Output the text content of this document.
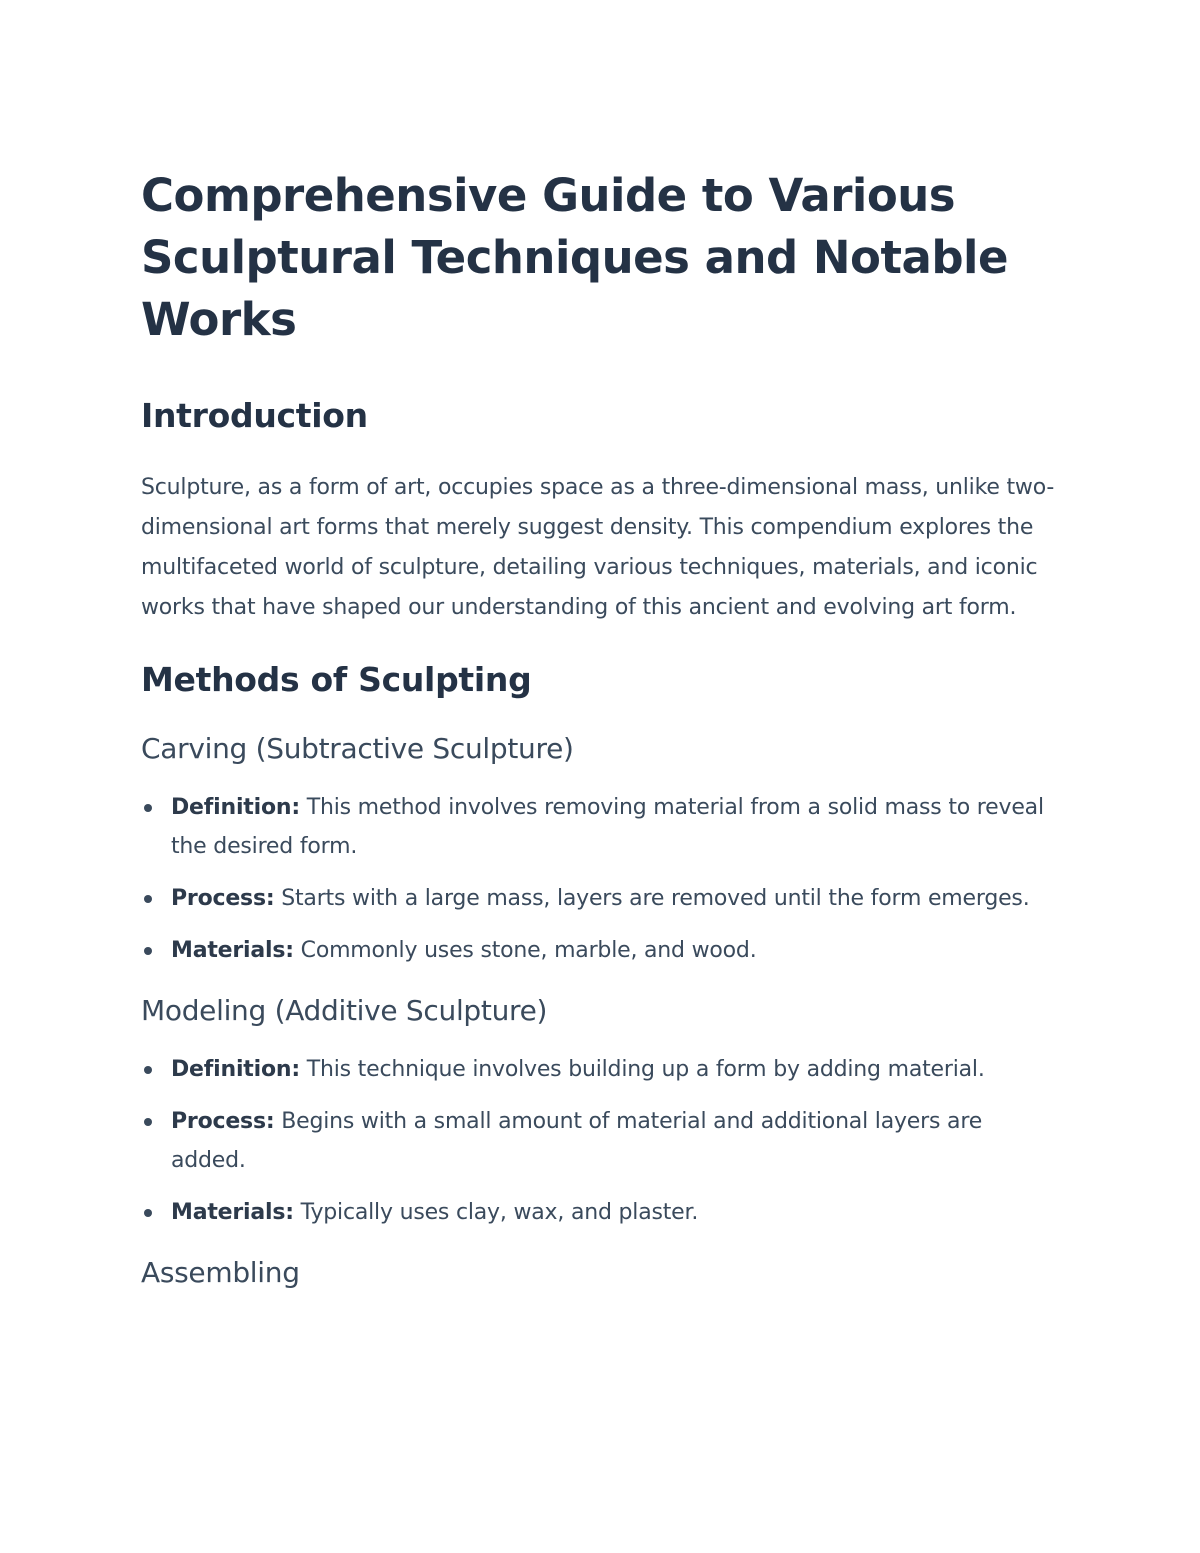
Comprehensive Guide to Various Sculptural Techniques and Notable Works
Introduction

Sculpture, as a form of art, occupies space as a three-dimensional mass, unlike two-dimensional art forms that merely suggest density. This compendium explores the multifaceted world of sculpture, detailing various techniques, materials, and iconic works that have shaped our understanding of this ancient and evolving art form.

Methods of Sculpting
Carving (Subtractive Sculpture)
Definition: This method involves removing material from a solid mass to reveal the desired form.
Process: Starts with a large mass, layers are removed until the form emerges.
Materials: Commonly uses stone, marble, and wood.
Modeling (Additive Sculpture)
Definition: This technique involves building up a form by adding material.
Process: Begins with a small amount of material and additional layers are added.
Materials: Typically uses clay, wax, and plaster.
Assembling
